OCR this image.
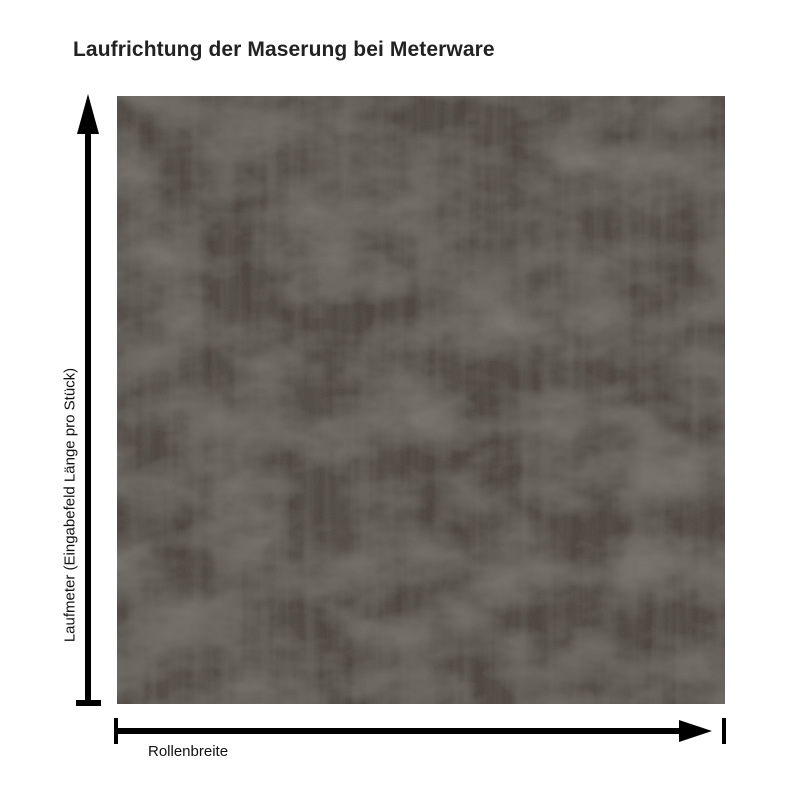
Laufrichtung der Maserung bei Meterware
Laufmeter (Eingabefeld Länge pro Stück)
Rollenbreite
